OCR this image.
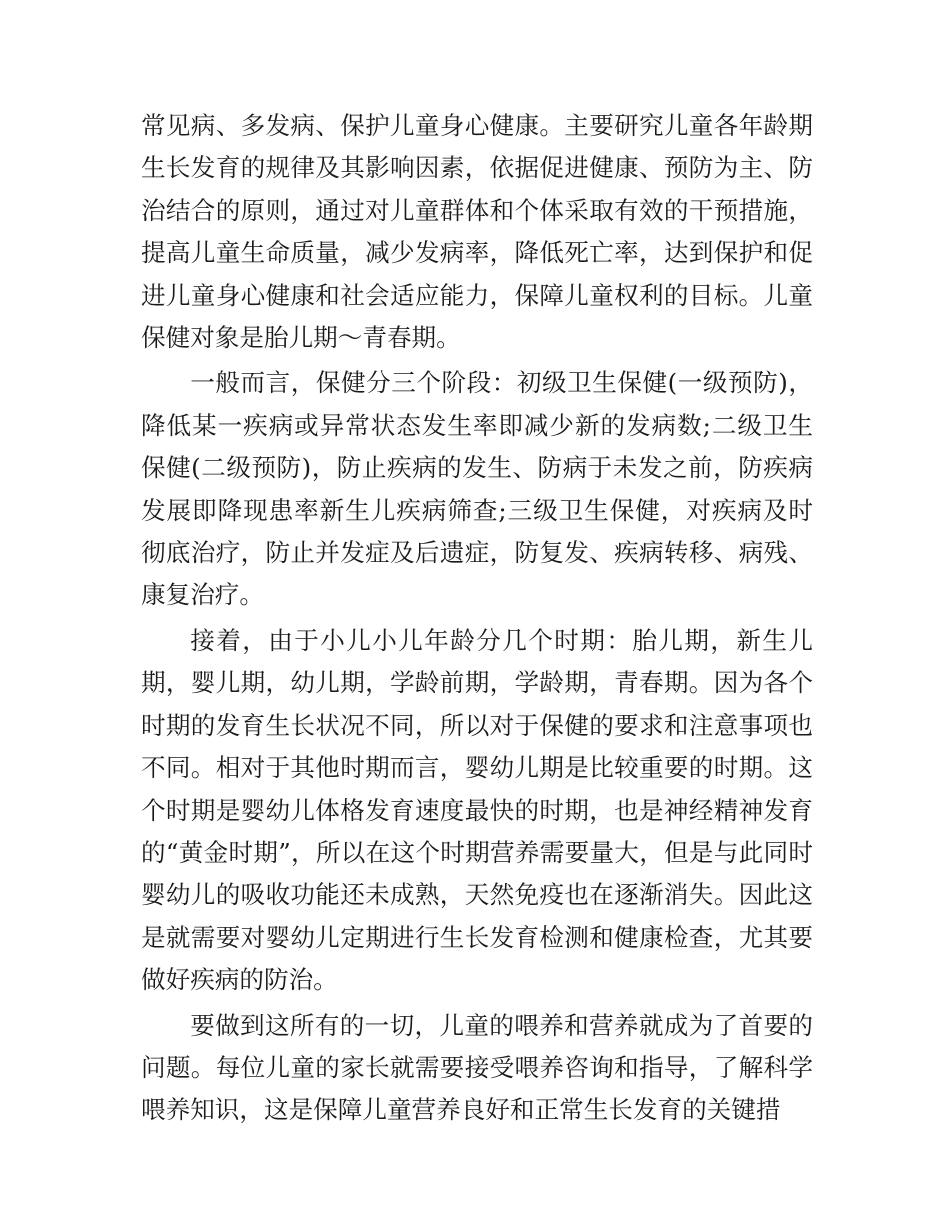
常见病、多发病、保护儿童身心健康。主要研究儿童各年龄期生长发育的规律及其影响因素，依据促进健康、预防为主、防治结合的原则，通过对儿童群体和个体采取有效的干预措施，提高儿童生命质量，减少发病率，降低死亡率，达到保护和促进儿童身心健康和社会适应能力，保障儿童权利的目标。儿童保健对象是胎儿期～青春期。

一般而言，保健分三个阶段：初级卫生保健(一级预防)，降低某一疾病或异常状态发生率即减少新的发病数;二级卫生保健(二级预防)，防止疾病的发生、防病于未发之前，防疾病发展即降现患率新生儿疾病筛查;三级卫生保健，对疾病及时彻底治疗，防止并发症及后遗症，防复发、疾病转移、病残、康复治疗。

接着，由于小儿小儿年龄分几个时期：胎儿期，新生儿期，婴儿期，幼儿期，学龄前期，学龄期，青春期。因为各个时期的发育生长状况不同，所以对于保健的要求和注意事项也不同。相对于其他时期而言，婴幼儿期是比较重要的时期。这个时期是婴幼儿体格发育速度最快的时期，也是神经精神发育的“黄金时期”，所以在这个时期营养需要量大，但是与此同时婴幼儿的吸收功能还未成熟，天然免疫也在逐渐消失。因此这是就需要对婴幼儿定期进行生长发育检测和健康检查，尤其要做好疾病的防治。

要做到这所有的一切，儿童的喂养和营养就成为了首要的问题。每位儿童的家长就需要接受喂养咨询和指导，了解科学喂养知识，这是保障儿童营养良好和正常生长发育的关键措
